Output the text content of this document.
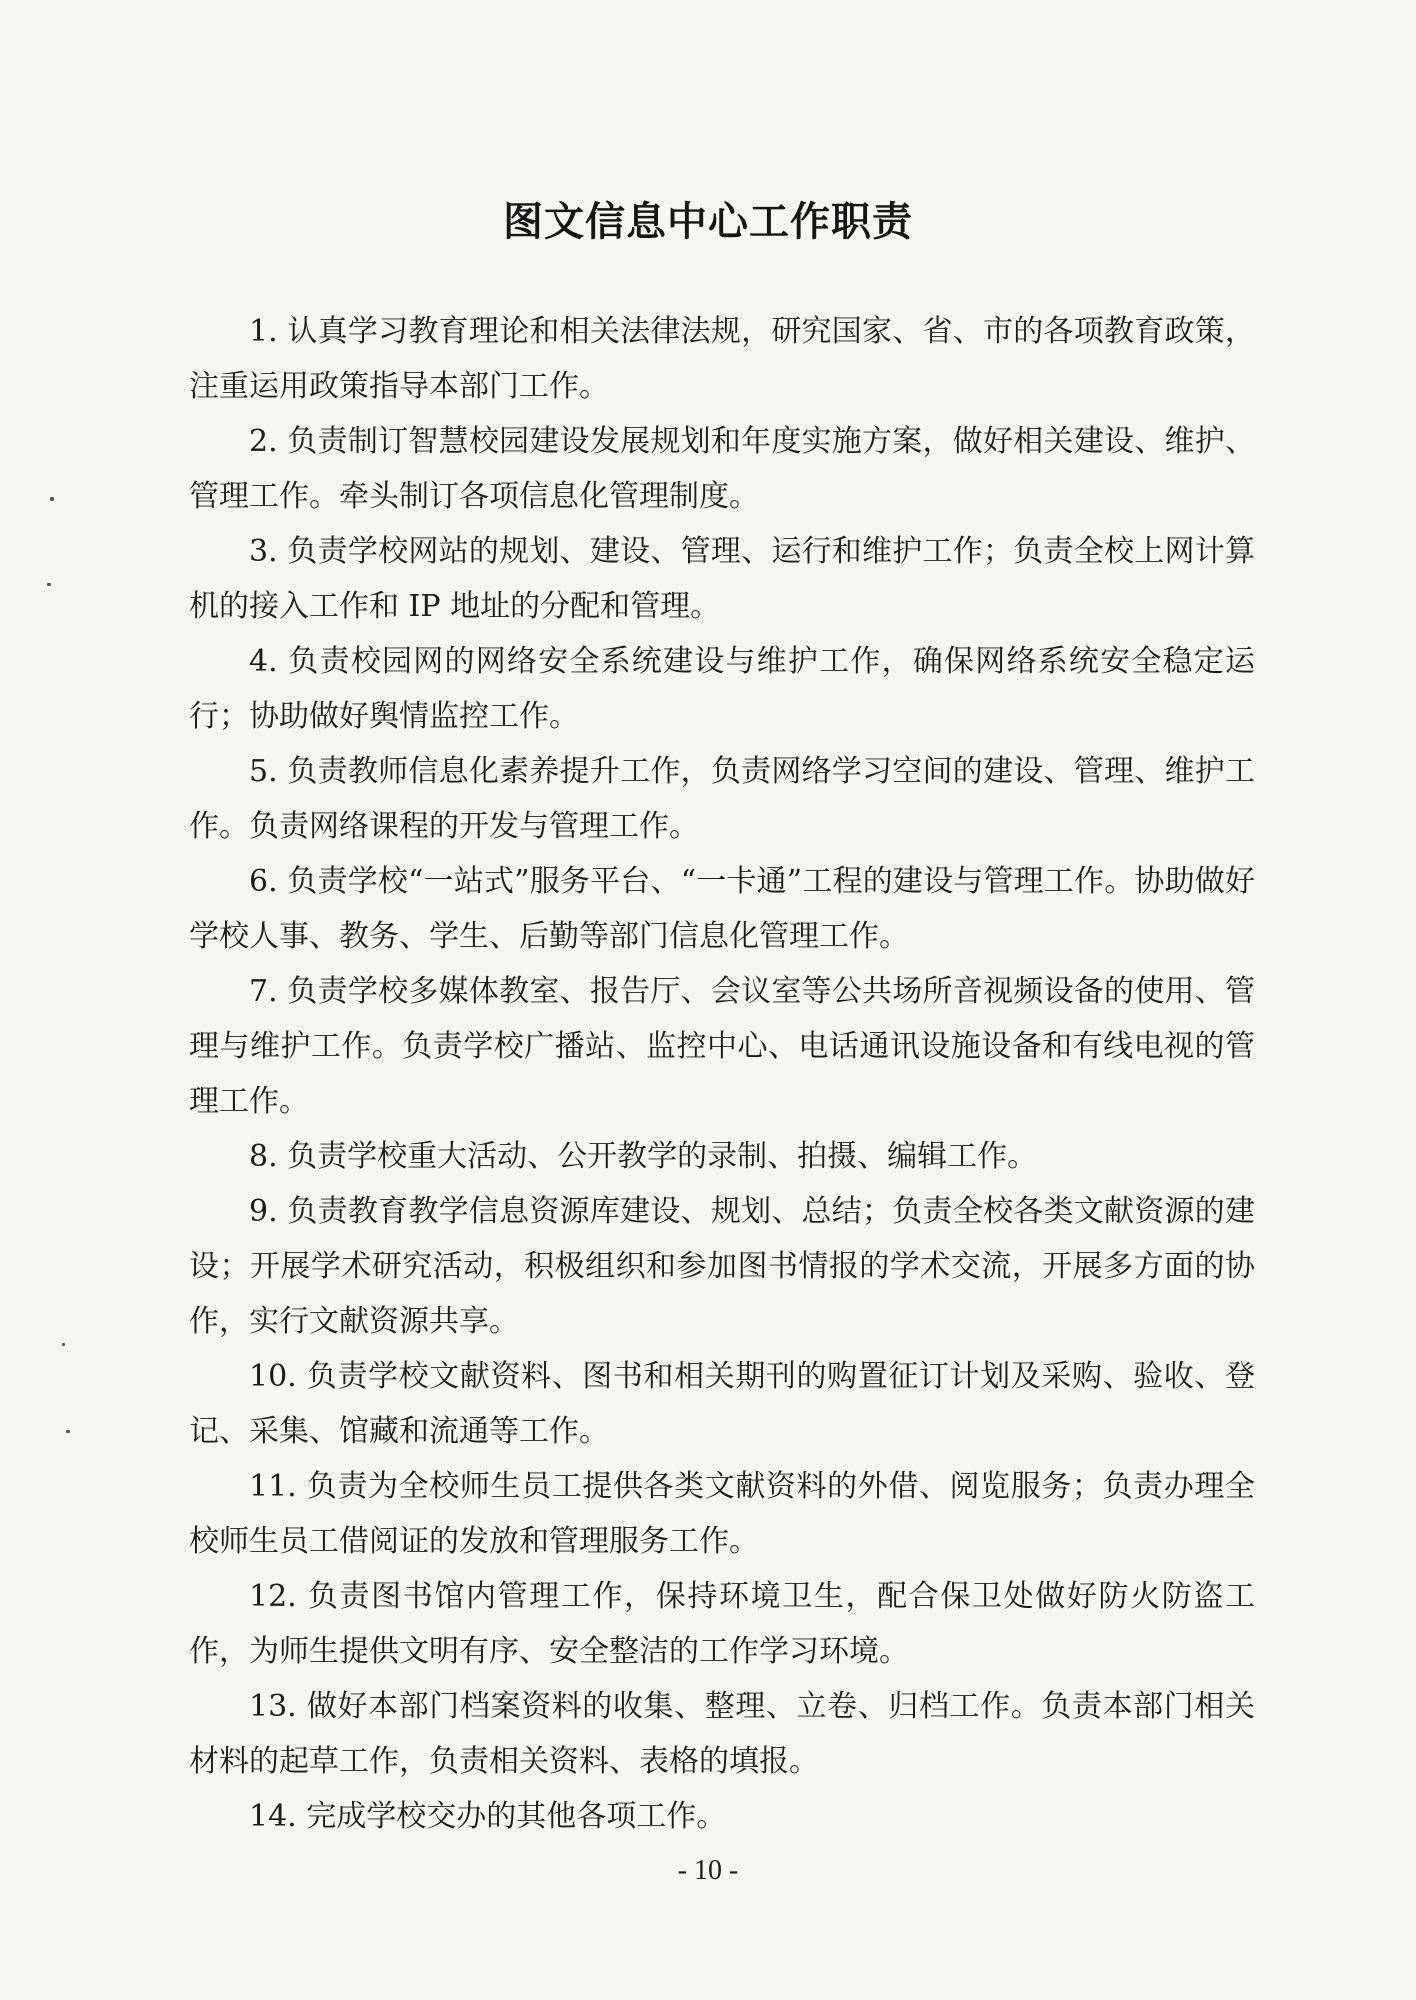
图文信息中心工作职责

1. 认真学习教育理论和相关法律法规，研究国家、省、市的各项教育政策，注重运用政策指导本部门工作。

2. 负责制订智慧校园建设发展规划和年度实施方案，做好相关建设、维护、管理工作。牵头制订各项信息化管理制度。

3. 负责学校网站的规划、建设、管理、运行和维护工作；负责全校上网计算机的接入工作和 IP 地址的分配和管理。

4. 负责校园网的网络安全系统建设与维护工作，确保网络系统安全稳定运行；协助做好舆情监控工作。

5. 负责教师信息化素养提升工作，负责网络学习空间的建设、管理、维护工作。负责网络课程的开发与管理工作。

6. 负责学校“一站式”服务平台、“一卡通”工程的建设与管理工作。协助做好学校人事、教务、学生、后勤等部门信息化管理工作。

7. 负责学校多媒体教室、报告厅、会议室等公共场所音视频设备的使用、管理与维护工作。负责学校广播站、监控中心、电话通讯设施设备和有线电视的管理工作。

8. 负责学校重大活动、公开教学的录制、拍摄、编辑工作。

9. 负责教育教学信息资源库建设、规划、总结；负责全校各类文献资源的建设；开展学术研究活动，积极组织和参加图书情报的学术交流，开展多方面的协作，实行文献资源共享。

10. 负责学校文献资料、图书和相关期刊的购置征订计划及采购、验收、登记、采集、馆藏和流通等工作。

11. 负责为全校师生员工提供各类文献资料的外借、阅览服务；负责办理全校师生员工借阅证的发放和管理服务工作。

12. 负责图书馆内管理工作，保持环境卫生，配合保卫处做好防火防盗工作，为师生提供文明有序、安全整洁的工作学习环境。

13. 做好本部门档案资料的收集、整理、立卷、归档工作。负责本部门相关材料的起草工作，负责相关资料、表格的填报。

14. 完成学校交办的其他各项工作。

- 10 -
